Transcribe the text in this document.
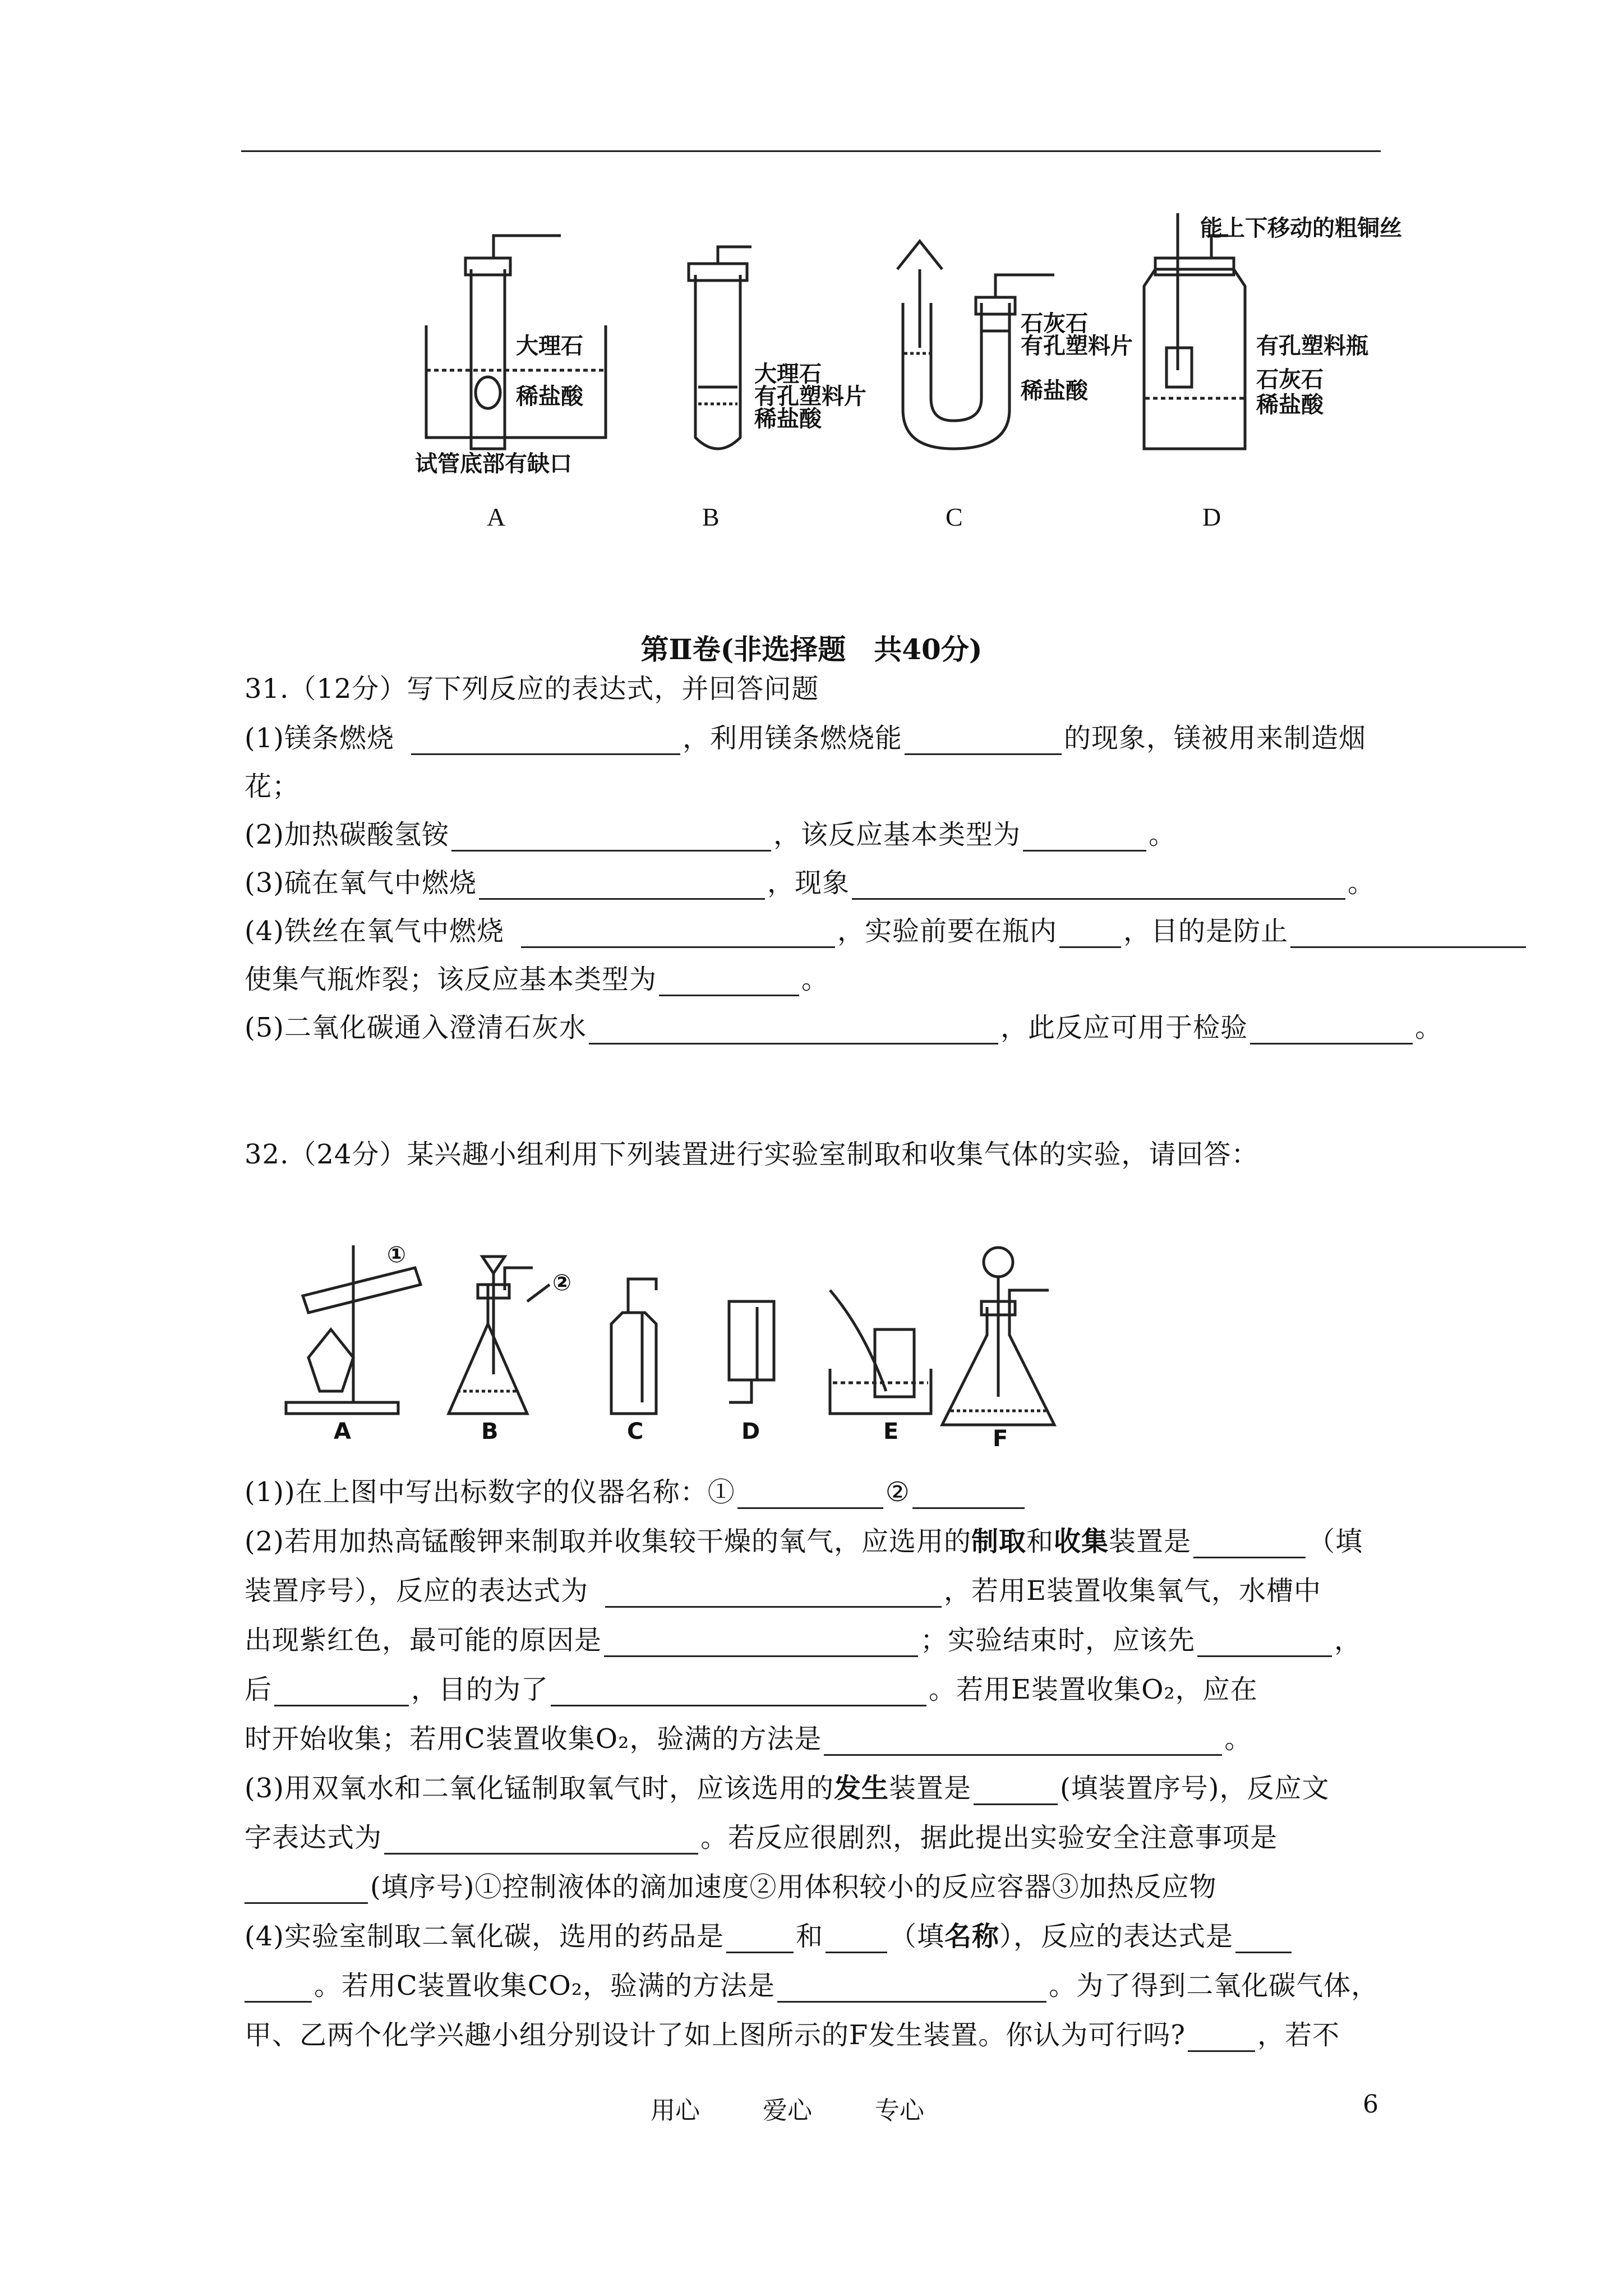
大理石
稀盐酸
试管底部有缺口
大理石
有孔塑料片
稀盐酸
石灰石
有孔塑料片
稀盐酸
能上下移动的粗铜丝
有孔塑料瓶
石灰石
稀盐酸
A	B	C	D
第Ⅱ卷(非选择题　共40分)
31.（12分）写下列反应的表达式，并回答问题
(1)镁条燃烧	，利用镁条燃烧能	的现象，镁被用来制造烟
花；
(2)加热碳酸氢铵	，该反应基本类型为	。
(3)硫在氧气中燃烧	，现象	。
(4)铁丝在氧气中燃烧	，实验前要在瓶内 ，目的是防止
使集气瓶炸裂；该反应基本类型为	。
(5)二氧化碳通入澄清石灰水	，此反应可用于检验	。
32.（24分）某兴趣小组利用下列装置进行实验室制取和收集气体的实验，请回答：
①
②
A	B	C	D	E	F
(1))在上图中写出标数字的仪器名称：①	②
(2)若用加热高锰酸钾来制取并收集较干燥的氧气，应选用的制取和收集装置是	（填
装置序号），反应的表达式为	，若用E装置收集氧气，水槽中
出现紫红色，最可能的原因是	；实验结束时，应该先	，
后	，目的为了	。若用E装置收集O₂，应在
时开始收集；若用C装置收集O₂，验满的方法是	。
(3)用双氧水和二氧化锰制取氧气时，应该选用的发生装置是	(填装置序号)，反应文
字表达式为	。若反应很剧烈，据此提出实验安全注意事项是
(填序号)①控制液体的滴加速度②用体积较小的反应容器③加热反应物
(4)实验室制取二氧化碳，选用的药品是	和 （填名称），反应的表达式是
。若用C装置收集CO₂，验满的方法是	。为了得到二氧化碳气体，
甲、乙两个化学兴趣小组分别设计了如上图所示的F发生装置。你认为可行吗?	，若不
用心	爱心	专心	6
